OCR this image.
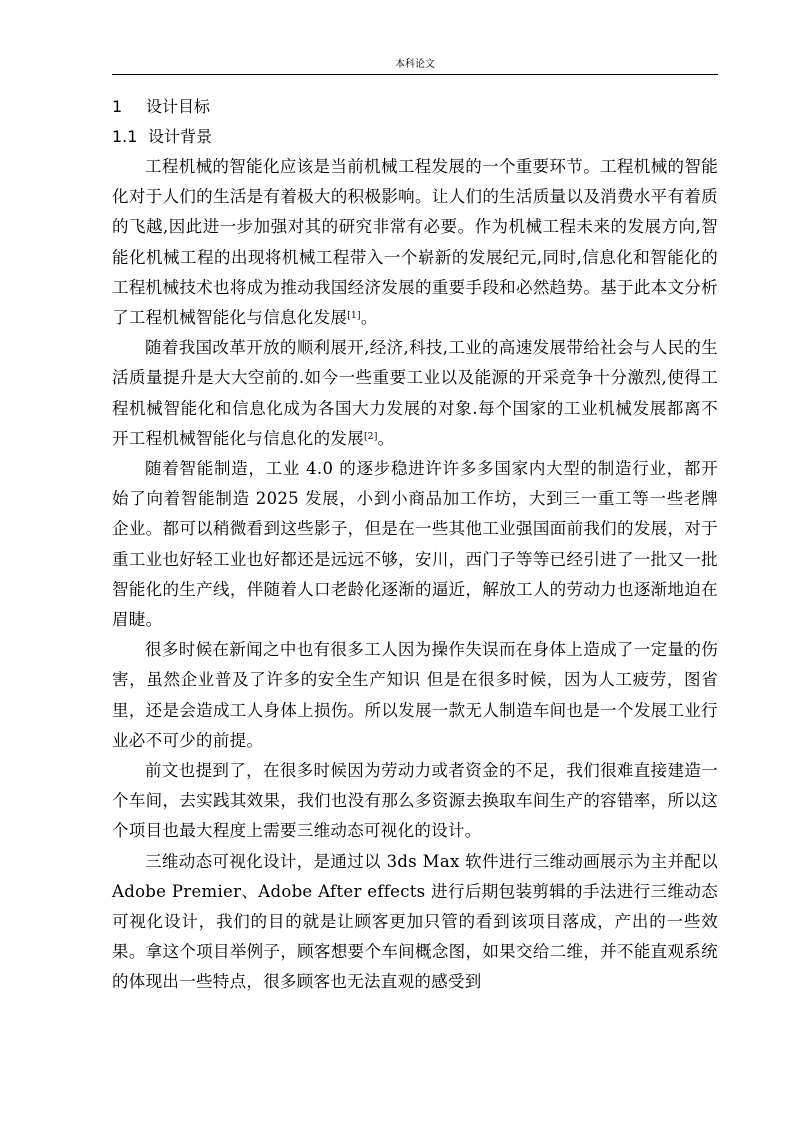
本科论文
1 设计目标
1.1 设计背景

工程机械的智能化应该是当前机械工程发展的一个重要环节。工程机械的智能化对于人们的生活是有着极大的积极影响。让人们的生活质量以及消费水平有着质的飞越,因此进一步加强对其的研究非常有必要。作为机械工程未来的发展方向,智能化机械工程的出现将机械工程带入一个崭新的发展纪元,同时,信息化和智能化的工程机械技术也将成为推动我国经济发展的重要手段和必然趋势。基于此本文分析了工程机械智能化与信息化发展[1]。

随着我国改革开放的顺利展开,经济,科技,工业的高速发展带给社会与人民的生活质量提升是大大空前的.如今一些重要工业以及能源的开采竞争十分激烈,使得工程机械智能化和信息化成为各国大力发展的对象.每个国家的工业机械发展都离不开工程机械智能化与信息化的发展[2]。

随着智能制造，工业 4.0 的逐步稳进许许多多国家内大型的制造行业，都开始了向着智能制造 2025 发展，小到小商品加工作坊，大到三一重工等一些老牌企业。都可以稍微看到这些影子，但是在一些其他工业强国面前我们的发展，对于重工业也好轻工业也好都还是远远不够，安川，西门子等等已经引进了一批又一批智能化的生产线，伴随着人口老龄化逐渐的逼近，解放工人的劳动力也逐渐地迫在眉睫。

很多时候在新闻之中也有很多工人因为操作失误而在身体上造成了一定量的伤害，虽然企业普及了许多的安全生产知识 但是在很多时候，因为人工疲劳，图省里，还是会造成工人身体上损伤。所以发展一款无人制造车间也是一个发展工业行业必不可少的前提。

前文也提到了，在很多时候因为劳动力或者资金的不足，我们很难直接建造一个车间，去实践其效果，我们也没有那么多资源去换取车间生产的容错率，所以这个项目也最大程度上需要三维动态可视化的设计。

三维动态可视化设计，是通过以 3ds Max 软件进行三维动画展示为主并配以 Adobe Premier、Adobe After effects 进行后期包装剪辑的手法进行三维动态可视化设计，我们的目的就是让顾客更加只管的看到该项目落成，产出的一些效果。拿这个项目举例子，顾客想要个车间概念图，如果交给二维，并不能直观系统的体现出一些特点，很多顾客也无法直观的感受到
